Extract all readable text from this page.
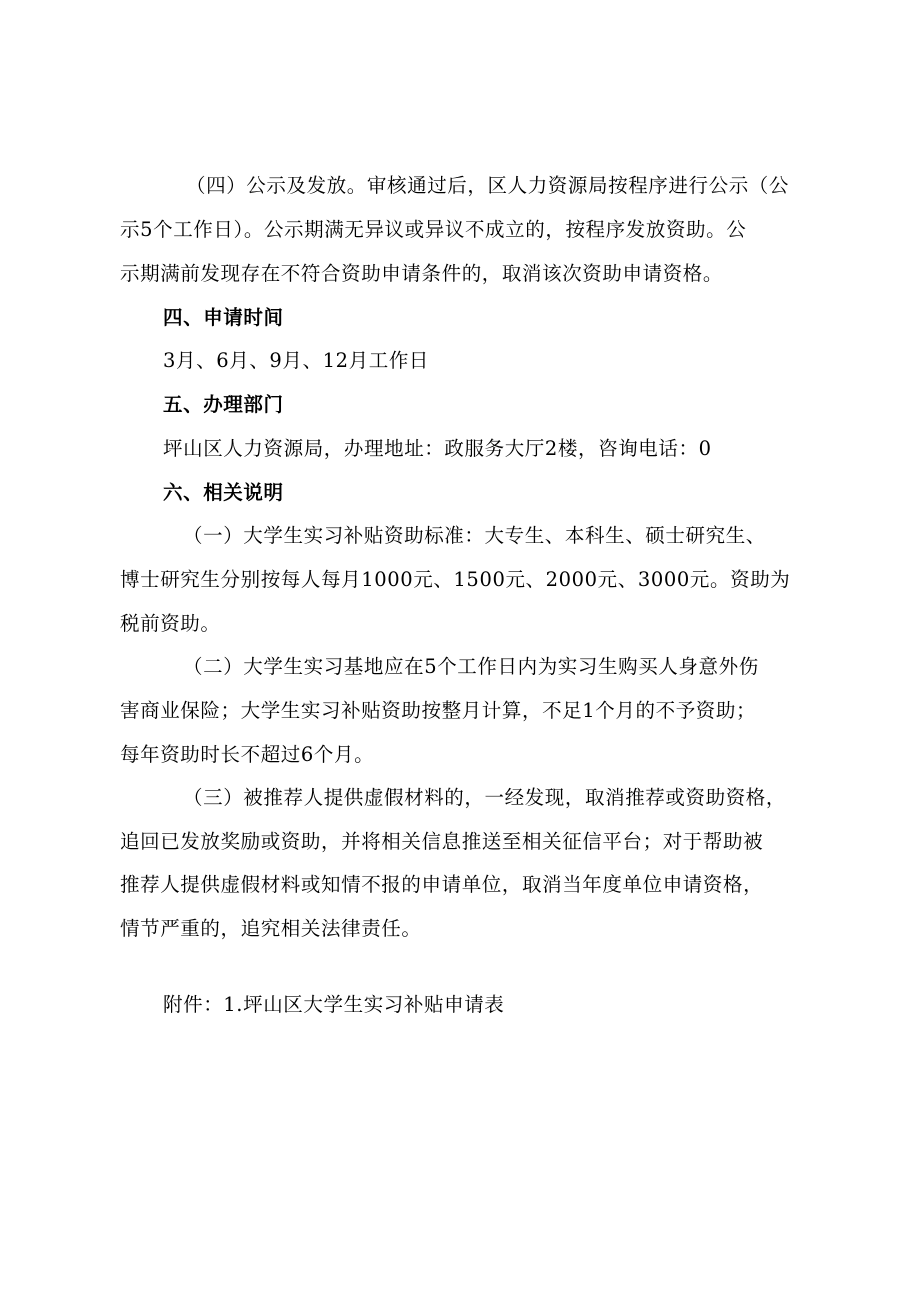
（四）公示及发放。审核通过后，区人力资源局按程序进行公示（公
示5个工作日）。公示期满无异议或异议不成立的，按程序发放资助。公
示期满前发现存在不符合资助申请条件的，取消该次资助申请资格。
四、申请时间
3月、6月、9月、12月工作日
五、办理部门
坪山区人力资源局，办理地址：政服务大厅2楼，咨询电话：0
六、相关说明
（一）大学生实习补贴资助标准：大专生、本科生、硕士研究生、
博士研究生分别按每人每月1000元、1500元、2000元、3000元。资助为
税前资助。
（二）大学生实习基地应在5个工作日内为实习生购买人身意外伤
害商业保险；大学生实习补贴资助按整月计算，不足1个月的不予资助；
每年资助时长不超过6个月。
（三）被推荐人提供虚假材料的，一经发现，取消推荐或资助资格，
追回已发放奖励或资助，并将相关信息推送至相关征信平台；对于帮助被
推荐人提供虚假材料或知情不报的申请单位，取消当年度单位申请资格，
情节严重的，追究相关法律责任。
附件：1.坪山区大学生实习补贴申请表
